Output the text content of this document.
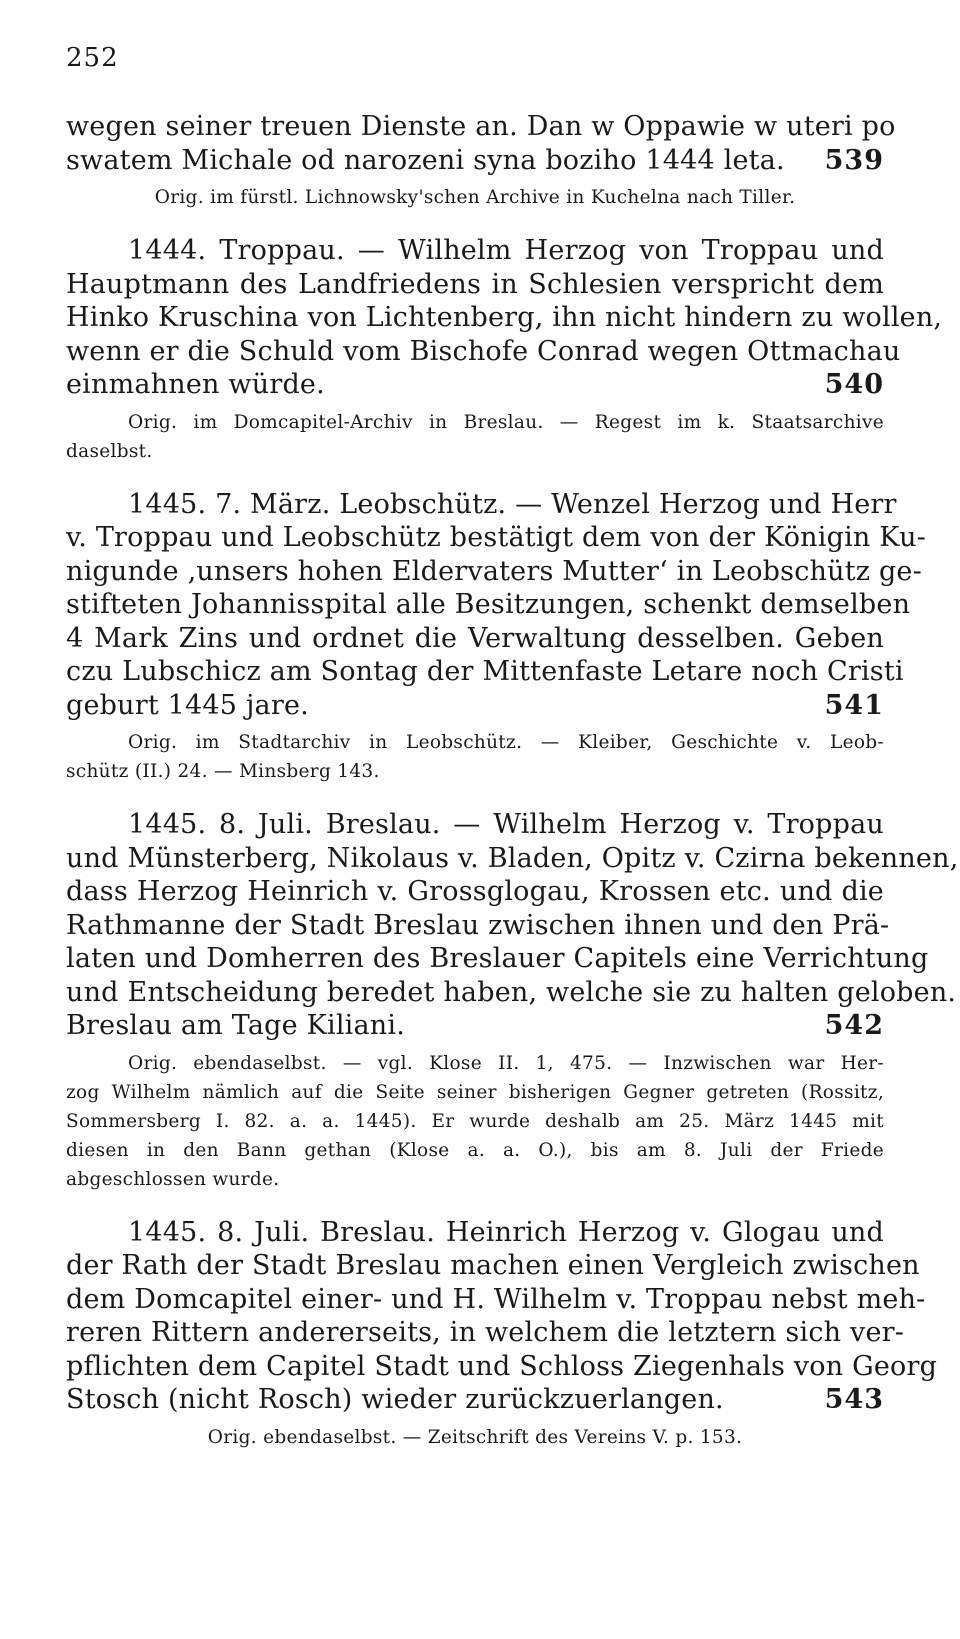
252
wegen seiner treuen Dienste an. Dan w Oppawie w uteri po
swatem Michale od narozeni syna boziho 1444 leta. 539
Orig. im fürstl. Lichnowsky'schen Archive in Kuchelna nach Tiller.
1444. Troppau. — Wilhelm Herzog von Troppau und
Hauptmann des Landfriedens in Schlesien verspricht dem
Hinko Kruschina von Lichtenberg, ihn nicht hindern zu wollen,
wenn er die Schuld vom Bischofe Conrad wegen Ottmachau
einmahnen würde.	540
Orig. im Domcapitel-Archiv in Breslau. — Regest im k. Staatsarchive
daselbst.
1445. 7. März. Leobschütz. — Wenzel Herzog und Herr
v. Troppau und Leobschütz bestätigt dem von der Königin Ku-
nigunde ‚unsers hohen Eldervaters Mutter‘ in Leobschütz ge-
stifteten Johannisspital alle Besitzungen, schenkt demselben
4 Mark Zins und ordnet die Verwaltung desselben. Geben
czu Lubschicz am Sontag der Mittenfaste Letare noch Cristi
geburt 1445 jare.	541
Orig. im Stadtarchiv in Leobschütz. — Kleiber, Geschichte v. Leob-
schütz (II.) 24. — Minsberg 143.
1445. 8. Juli. Breslau. — Wilhelm Herzog v. Troppau
und Münsterberg, Nikolaus v. Bladen, Opitz v. Czirna bekennen,
dass Herzog Heinrich v. Grossglogau, Krossen etc. und die
Rathmanne der Stadt Breslau zwischen ihnen und den Prä-
laten und Domherren des Breslauer Capitels eine Verrichtung
und Entscheidung beredet haben, welche sie zu halten geloben.
Breslau am Tage Kiliani.	542
Orig. ebendaselbst. — vgl. Klose II. 1, 475. — Inzwischen war Her-
zog Wilhelm nämlich auf die Seite seiner bisherigen Gegner getreten (Rossitz,
Sommersberg I. 82. a. a. 1445). Er wurde deshalb am 25. März 1445 mit
diesen in den Bann gethan (Klose a. a. O.), bis am 8. Juli der Friede
abgeschlossen wurde.
1445. 8. Juli. Breslau. Heinrich Herzog v. Glogau und
der Rath der Stadt Breslau machen einen Vergleich zwischen
dem Domcapitel einer- und H. Wilhelm v. Troppau nebst meh-
reren Rittern andererseits, in welchem die letztern sich ver-
pflichten dem Capitel Stadt und Schloss Ziegenhals von Georg
Stosch (nicht Rosch) wieder zurückzuerlangen.	543
Orig. ebendaselbst. — Zeitschrift des Vereins V. p. 153.
